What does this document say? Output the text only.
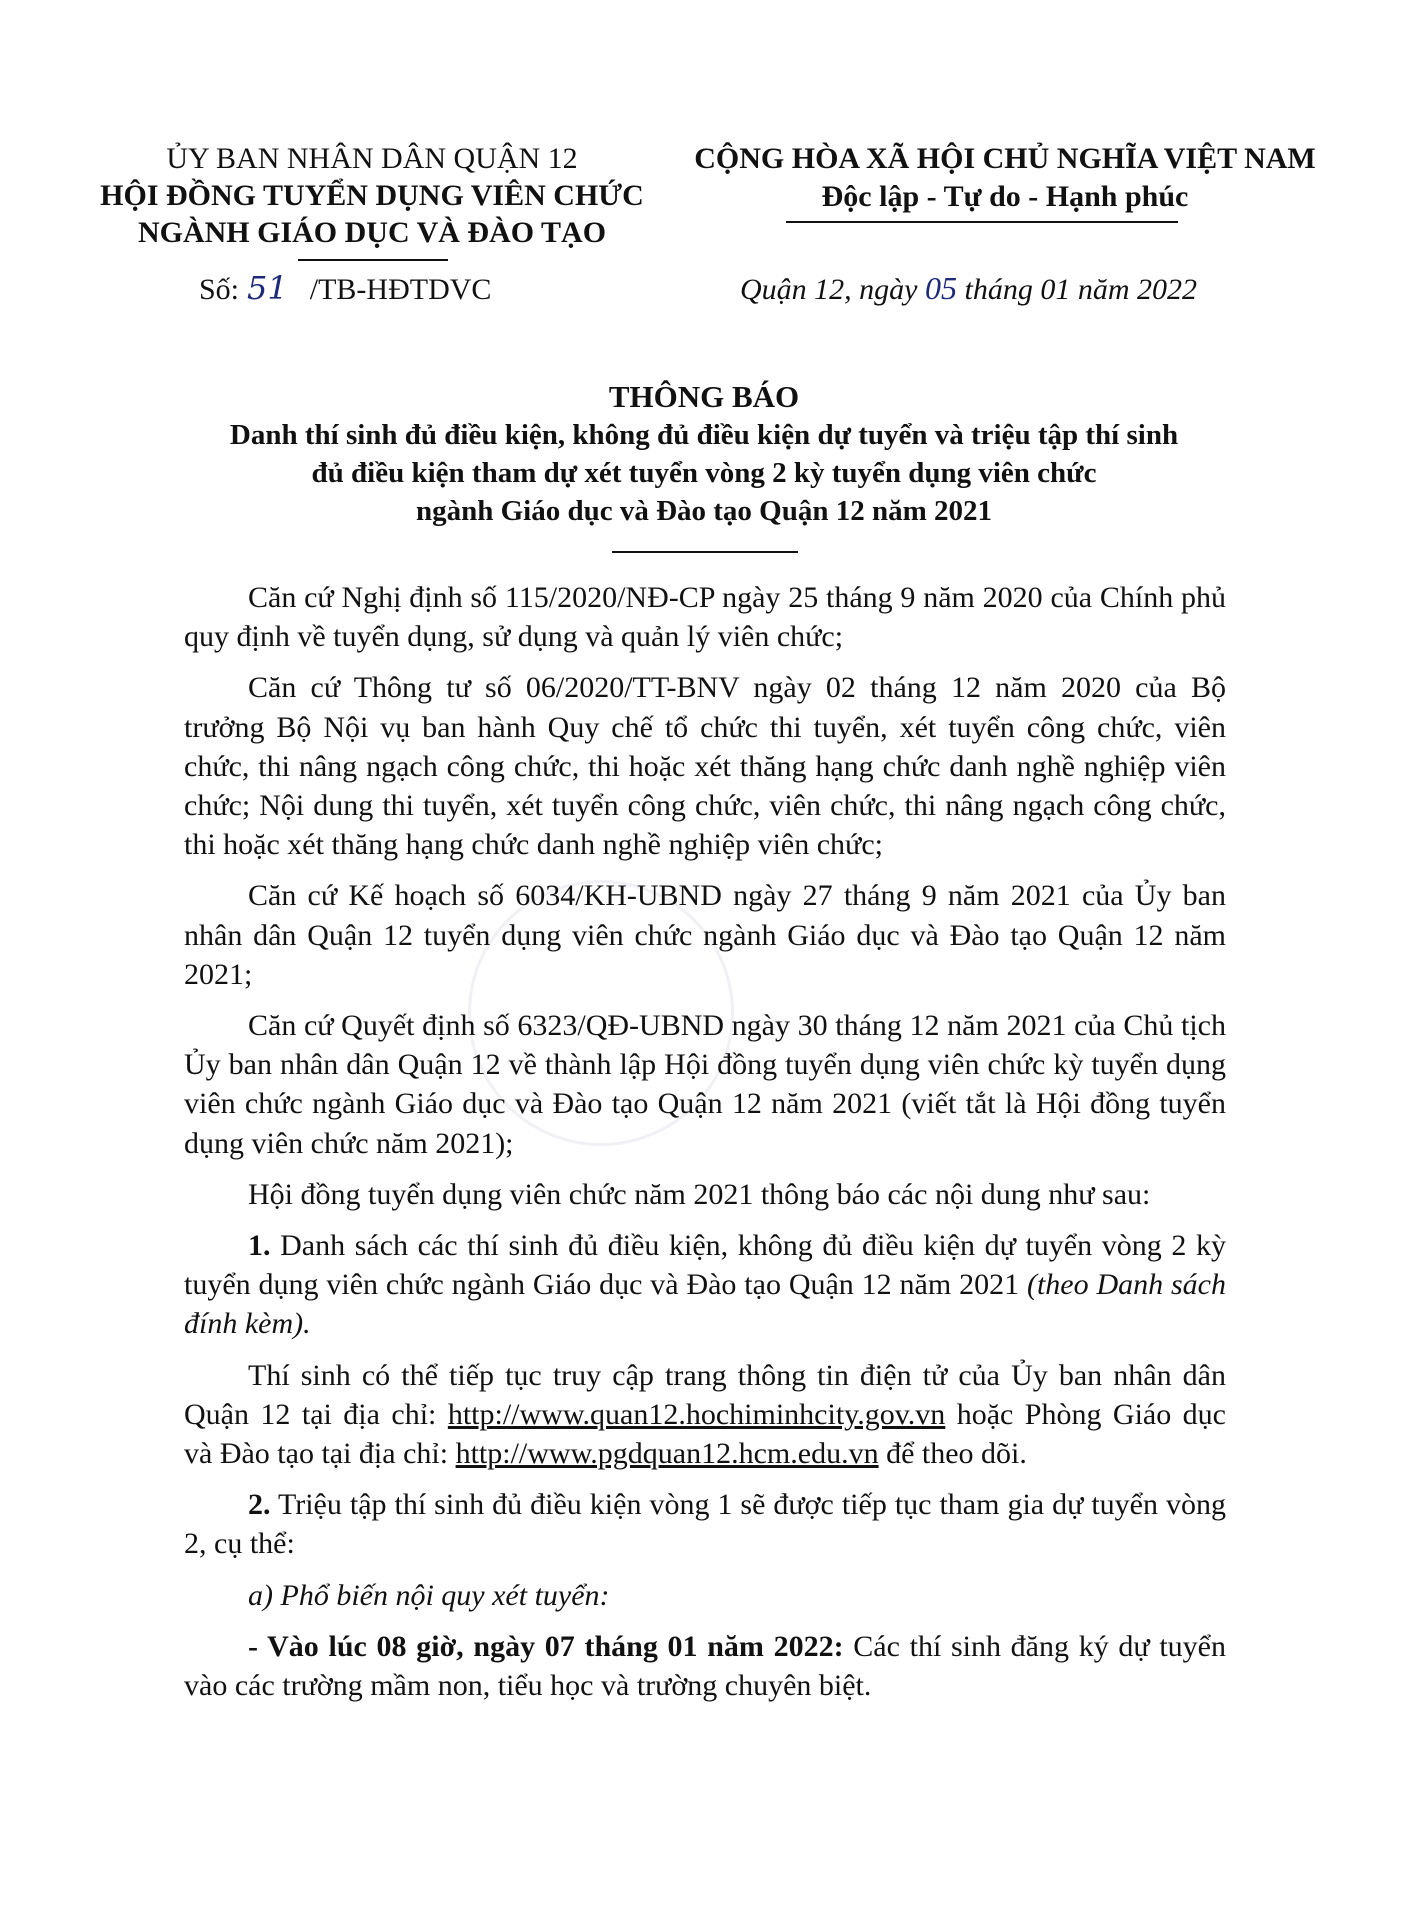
ỦY BAN NHÂN DÂN QUẬN 12
HỘI ĐỒNG TUYỂN DỤNG VIÊN CHỨC
NGÀNH GIÁO DỤC VÀ ĐÀO TẠO
CỘNG HÒA XÃ HỘI CHỦ NGHĨA VIỆT NAM
Độc lập - Tự do - Hạnh phúc
Số: 51 /TB-HĐTDVC	Quận 12, ngày 05 tháng 01 năm 2022
THÔNG BÁO
Danh thí sinh đủ điều kiện, không đủ điều kiện dự tuyển và triệu tập thí sinh
đủ điều kiện tham dự xét tuyển vòng 2 kỳ tuyển dụng viên chức
ngành Giáo dục và Đào tạo Quận 12 năm 2021

Căn cứ Nghị định số 115/2020/NĐ-CP ngày 25 tháng 9 năm 2020 của Chính phủ quy định về tuyển dụng, sử dụng và quản lý viên chức;

Căn cứ Thông tư số 06/2020/TT-BNV ngày 02 tháng 12 năm 2020 của Bộ trưởng Bộ Nội vụ ban hành Quy chế tổ chức thi tuyển, xét tuyển công chức, viên chức, thi nâng ngạch công chức, thi hoặc xét thăng hạng chức danh nghề nghiệp viên chức; Nội dung thi tuyển, xét tuyển công chức, viên chức, thi nâng ngạch công chức, thi hoặc xét thăng hạng chức danh nghề nghiệp viên chức;

Căn cứ Kế hoạch số 6034/KH-UBND ngày 27 tháng 9 năm 2021 của Ủy ban nhân dân Quận 12 tuyển dụng viên chức ngành Giáo dục và Đào tạo Quận 12 năm 2021;

Căn cứ Quyết định số 6323/QĐ-UBND ngày 30 tháng 12 năm 2021 của Chủ tịch Ủy ban nhân dân Quận 12 về thành lập Hội đồng tuyển dụng viên chức kỳ tuyển dụng viên chức ngành Giáo dục và Đào tạo Quận 12 năm 2021 (viết tắt là Hội đồng tuyển dụng viên chức năm 2021);

Hội đồng tuyển dụng viên chức năm 2021 thông báo các nội dung như sau:

1. Danh sách các thí sinh đủ điều kiện, không đủ điều kiện dự tuyển vòng 2 kỳ tuyển dụng viên chức ngành Giáo dục và Đào tạo Quận 12 năm 2021 (theo Danh sách đính kèm).

Thí sinh có thể tiếp tục truy cập trang thông tin điện tử của Ủy ban nhân dân Quận 12 tại địa chỉ: http://www.quan12.hochiminhcity.gov.vn hoặc Phòng Giáo dục và Đào tạo tại địa chỉ: http://www.pgdquan12.hcm.edu.vn để theo dõi.

2. Triệu tập thí sinh đủ điều kiện vòng 1 sẽ được tiếp tục tham gia dự tuyển vòng 2, cụ thể:

a) Phổ biến nội quy xét tuyển:

- Vào lúc 08 giờ, ngày 07 tháng 01 năm 2022: Các thí sinh đăng ký dự tuyển vào các trường mầm non, tiểu học và trường chuyên biệt.
